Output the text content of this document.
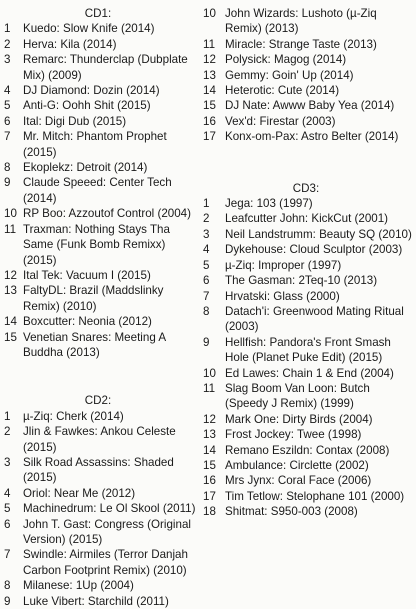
CD1:
1 Kuedo: Slow Knife (2014)
2 Herva: Kila (2014)
3 Remarc: Thunderclap (Dubplate Mix) (2009)
4 DJ Diamond: Dozin (2014)
5 Anti-G: Oohh Shit (2015)
6 Ital: Digi Dub (2015)
7 Mr. Mitch: Phantom Prophet (2015)
8 Ekoplekz: Detroit (2014)
9 Claude Speeed: Center Tech (2014)
10 RP Boo: Azzoutof Control (2004)
11 Traxman: Nothing Stays Tha Same (Funk Bomb Remixx) (2015)
12 Ital Tek: Vacuum I (2015)
13 FaltyDL: Brazil (Maddslinky Remix) (2010)
14 Boxcutter: Neonia (2012)
15 Venetian Snares: Meeting A Buddha (2013)
CD2:
1 µ-Ziq: Cherk (2014)
2 Jlin & Fawkes: Ankou Celeste (2015)
3 Silk Road Assassins: Shaded (2015)
4 Oriol: Near Me (2012)
5 Machinedrum: Le Ol Skool (2011)
6 John T. Gast: Congress (Original Version) (2015)
7 Swindle: Airmiles (Terror Danjah Carbon Footprint Remix) (2010)
8 Milanese: 1Up (2004)
9 Luke Vibert: Starchild (2011)
10 John Wizards: Lushoto (µ-Ziq Remix) (2013)
11 Miracle: Strange Taste (2013)
12 Polysick: Magog (2014)
13 Gemmy: Goin' Up (2014)
14 Heterotic: Cute (2014)
15 DJ Nate: Awww Baby Yea (2014)
16 Vex'd: Firestar (2003)
17 Konx-om-Pax: Astro Belter (2014)
CD3:
1 Jega: 103 (1997)
2 Leafcutter John: KickCut (2001)
3 Neil Landstrumm: Beauty SQ (2010)
4 Dykehouse: Cloud Sculptor (2003)
5 µ-Ziq: Improper (1997)
6 The Gasman: 2Teq-10 (2013)
7 Hrvatski: Glass (2000)
8 Datach'i: Greenwood Mating Ritual (2003)
9 Hellfish: Pandora's Front Smash Hole (Planet Puke Edit) (2015)
10 Ed Lawes: Chain 1 & End (2004)
11 Slag Boom Van Loon: Butch (Speedy J Remix) (1999)
12 Mark One: Dirty Birds (2004)
13 Frost Jockey: Twee (1998)
14 Remano Eszildn: Contax (2008)
15 Ambulance: Circlette (2002)
16 Mrs Jynx: Coral Face (2006)
17 Tim Tetlow: Stelophane 101 (2000)
18 Shitmat: S950-003 (2008)
